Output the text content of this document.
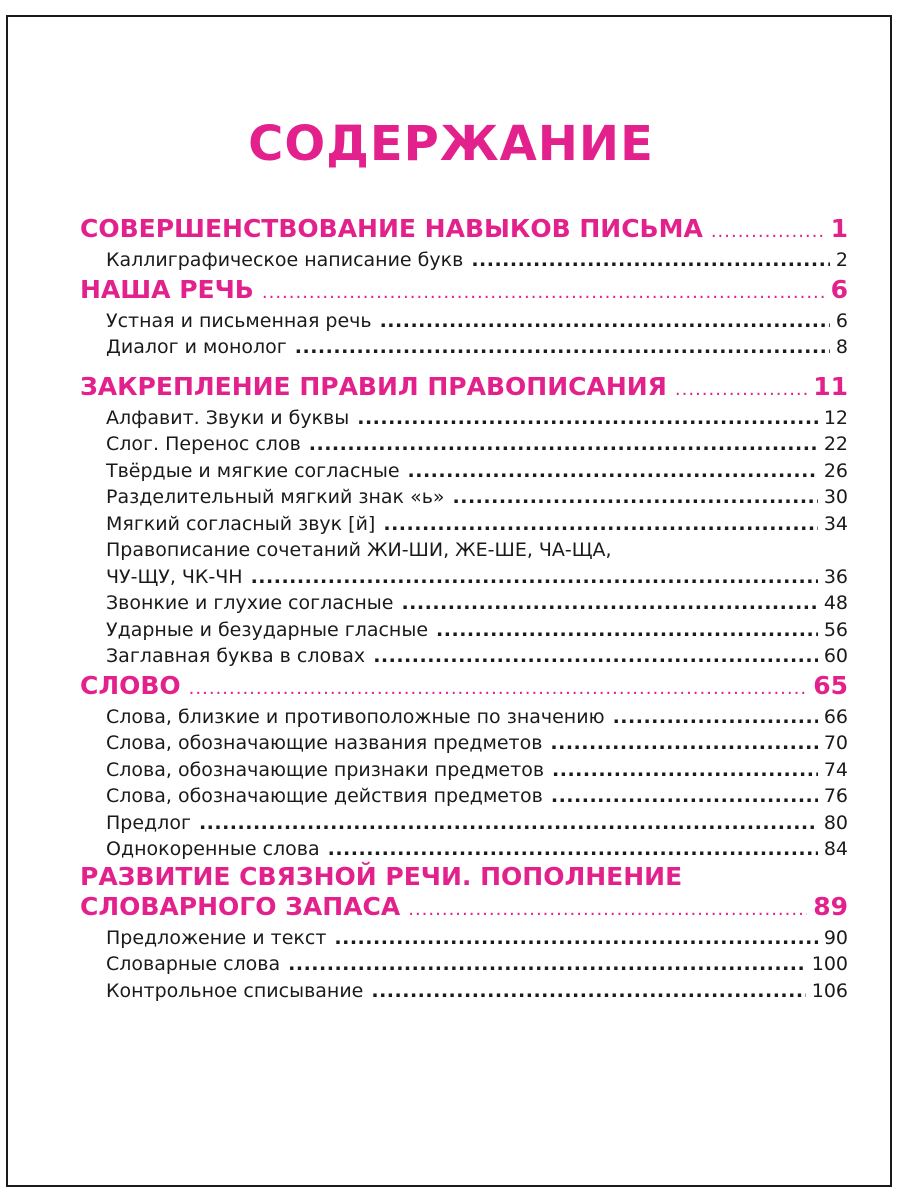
СОДЕРЖАНИЕ
СОВЕРШЕНСТВОВАНИЕ НАВЫКОВ ПИСЬМА .....	1
Каллиграфическое написание букв .....	2
НАША РЕЧЬ .....	6
Устная и письменная речь .....	6
Диалог и монолог .....	8
ЗАКРЕПЛЕНИЕ ПРАВИЛ ПРАВОПИСАНИЯ .....	11
Алфавит. Звуки и буквы .....	12
Слог. Перенос слов .....	22
Твёрдые и мягкие согласные .....	26
Разделительный мягкий знак «ь» .....	30
Мягкий согласный звук [й] .....	34
Правописание сочетаний ЖИ-ШИ, ЖЕ-ШЕ, ЧА-ЩА,
ЧУ-ЩУ, ЧК-ЧН .....	36
Звонкие и глухие согласные .....	48
Ударные и безударные гласные .....	56
Заглавная буква в словах .....	60
СЛОВО .....	65
Слова, близкие и противоположные по значению .....	66
Слова, обозначающие названия предметов .....	70
Слова, обозначающие признаки предметов .....	74
Слова, обозначающие действия предметов .....	76
Предлог .....	80
Однокоренные слова .....	84
РАЗВИТИЕ СВЯЗНОЙ РЕЧИ. ПОПОЛНЕНИЕ
СЛОВАРНОГО ЗАПАСА .....	89
Предложение и текст .....	90
Словарные слова .....	100
Контрольное списывание .....	106
